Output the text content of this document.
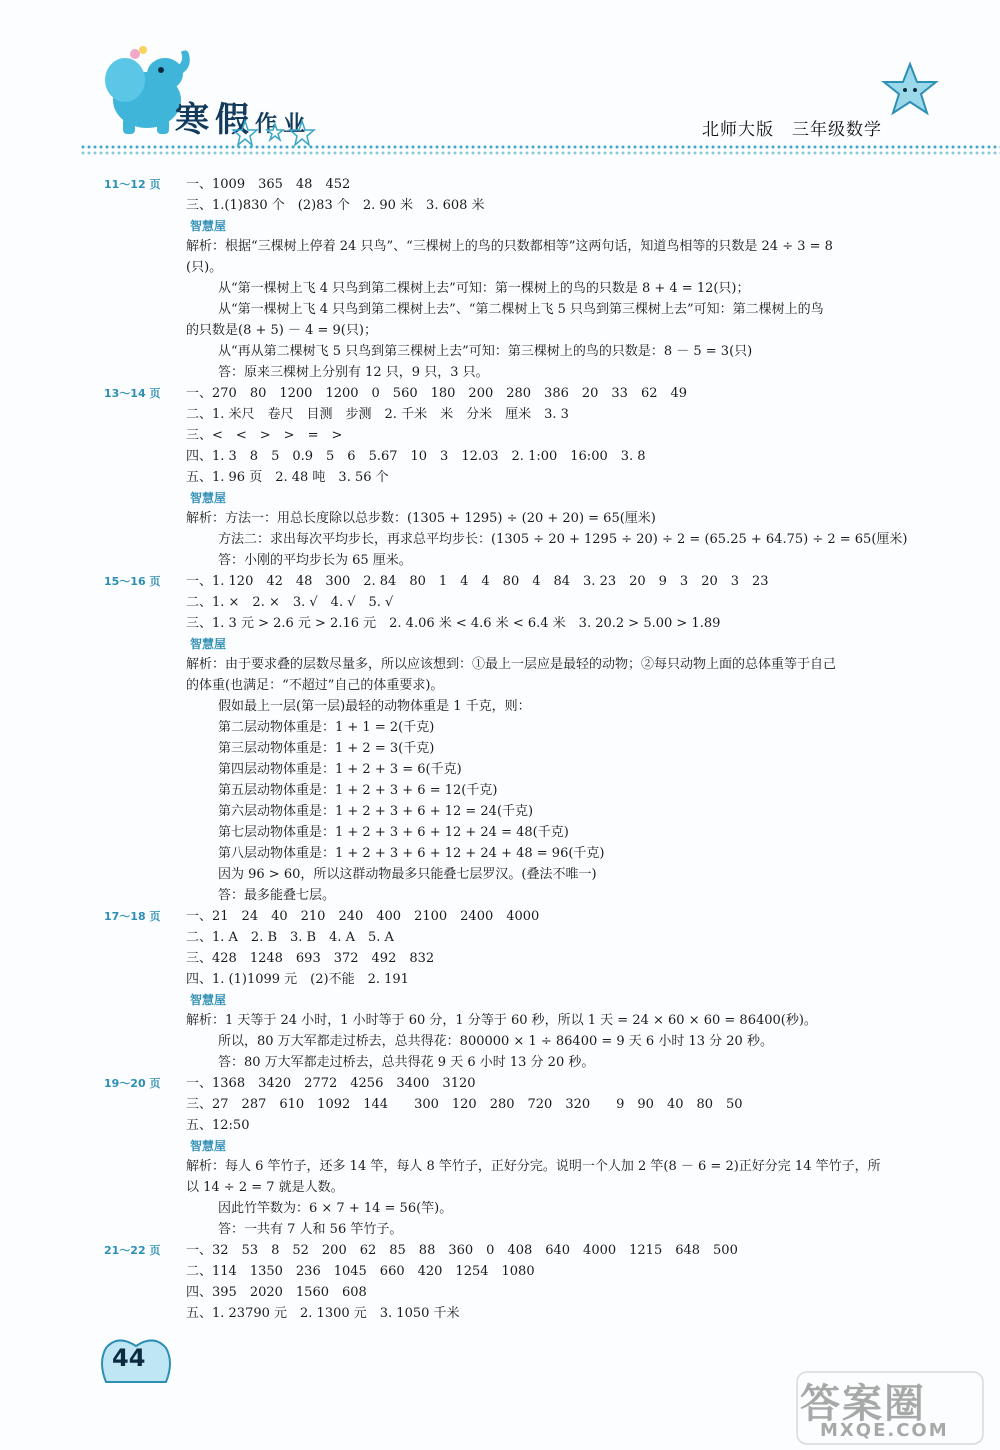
寒假作业	北师大版　三年级数学
11～12 页	一、1009　365　48　452
三、1.(1)830 个　(2)83 个　2. 90 米　3. 608 米
智慧屋
解析：根据“三棵树上停着 24 只鸟”、“三棵树上的鸟的只数都相等”这两句话，知道鸟相等的只数是 24 ÷ 3 = 8
(只)。
从“第一棵树上飞 4 只鸟到第二棵树上去”可知：第一棵树上的鸟的只数是 8 + 4 = 12(只)；
从“第一棵树上飞 4 只鸟到第二棵树上去”、“第二棵树上飞 5 只鸟到第三棵树上去”可知：第二棵树上的鸟
的只数是(8 + 5) － 4 = 9(只)；
从“再从第二棵树飞 5 只鸟到第三棵树上去”可知：第三棵树上的鸟的只数是：8 － 5 = 3(只)
答：原来三棵树上分别有 12 只，9 只，3 只。
13～14 页	一、270　80　1200　1200　0　560　180　200　280　386　20　33　62　49
二、1. 米尺　卷尺　目测　步测　2. 千米　米　分米　厘米　3. 3
三、<　<　>　>　=　>
四、1. 3　8　5　0.9　5　6　5.67　10　3　12.03　2. 1:00　16:00　3. 8
五、1. 96 页　2. 48 吨　3. 56 个
智慧屋
解析：方法一：用总长度除以总步数：(1305 + 1295) ÷ (20 + 20) = 65(厘米)
方法二：求出每次平均步长，再求总平均步长：(1305 ÷ 20 + 1295 ÷ 20) ÷ 2 = (65.25 + 64.75) ÷ 2 = 65(厘米)
答：小刚的平均步长为 65 厘米。
15～16 页	一、1. 120　42　48　300　2. 84　80　1　4　4　80　4　84　3. 23　20　9　3　20　3　23
二、1. ×　2. ×　3. √　4. √　5. √
三、1. 3 元 > 2.6 元 > 2.16 元　2. 4.06 米 < 4.6 米 < 6.4 米　3. 20.2 > 5.00 > 1.89
智慧屋
解析：由于要求叠的层数尽量多，所以应该想到：①最上一层应是最轻的动物；②每只动物上面的总体重等于自己
的体重(也满足：“不超过”自己的体重要求)。
假如最上一层(第一层)最轻的动物体重是 1 千克，则：
第二层动物体重是：1 + 1 = 2(千克)
第三层动物体重是：1 + 2 = 3(千克)
第四层动物体重是：1 + 2 + 3 = 6(千克)
第五层动物体重是：1 + 2 + 3 + 6 = 12(千克)
第六层动物体重是：1 + 2 + 3 + 6 + 12 = 24(千克)
第七层动物体重是：1 + 2 + 3 + 6 + 12 + 24 = 48(千克)
第八层动物体重是：1 + 2 + 3 + 6 + 12 + 24 + 48 = 96(千克)
因为 96 > 60，所以这群动物最多只能叠七层罗汉。(叠法不唯一)
答：最多能叠七层。
17～18 页	一、21　24　40　210　240　400　2100　2400　4000
二、1. A　2. B　3. B　4. A　5. A
三、428　1248　693　372　492　832
四、1. (1)1099 元　(2)不能　2. 191
智慧屋
解析：1 天等于 24 小时，1 小时等于 60 分，1 分等于 60 秒，所以 1 天 = 24 × 60 × 60 = 86400(秒)。
所以，80 万大军都走过桥去，总共得花：800000 × 1 ÷ 86400 = 9 天 6 小时 13 分 20 秒。
答：80 万大军都走过桥去，总共得花 9 天 6 小时 13 分 20 秒。
19～20 页	一、1368　3420　2772　4256　3400　3120
三、27　287　610　1092　144　　300　120　280　720　320　　9　90　40　80　50
五、12:50
智慧屋
解析：每人 6 竿竹子，还多 14 竿，每人 8 竿竹子，正好分完。说明一个人加 2 竿(8 － 6 = 2)正好分完 14 竿竹子，所
以 14 ÷ 2 = 7 就是人数。
因此竹竿数为：6 × 7 + 14 = 56(竿)。
答：一共有 7 人和 56 竿竹子。
21～22 页	一、32　53　8　52　200　62　85　88　360　0　408　640　4000　1215　648　500
二、114　1350　236　1045　660　420　1254　1080
四、395　2020　1560　608
五、1. 23790 元　2. 1300 元　3. 1050 千米
44
答案圈
MXQE.COM
